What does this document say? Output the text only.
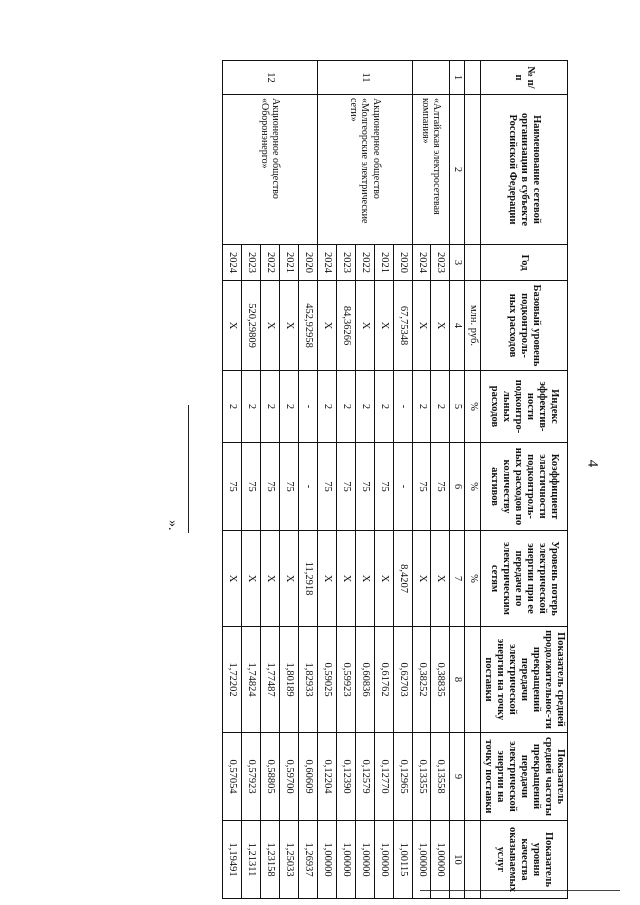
4
».
№ п/п	Наименование сетевой организации в субъекте Российской Федерации	Год	Базовый уровень подконтроль-ных расходов	Индекс эффектив-ности подконтро-льных расходов	Коэффициент эластичности подконтроль-ных расходов по количеству активов	Уровень потерь электрической энергии при ее передаче по электрическим сетям	Показатель средней продолжительнос-ти прекращений передачи электрической энергии на точку поставки	Показатель средней частоты прекращений передачи электрической энергии на точку поставки	Показатель уровня качества оказываемых услуг
			млн. руб.	%	%	%			
1	2	3	4	5	6	7	8	9	10
	«Алтайская электросетевая компания»	2023	X	2	75	X	0,38835	0,13558	1,00000
		2024	X	2	75	X	0,38252	0,13355	1,00000
11	Акционерное общество «Молгеорские электрические сети»	2020	67,75348	-	-	8,4207	0,62703	0,12965	1,00115
		2021	X	2	75	X	0,61762	0,12770	1,00000
		2022	X	2	75	X	0,60836	0,12579	1,00000
		2023	84,36266	2	75	X	0,59923	0,12390	1,00000
		2024	X	2	75	X	0,59025	0,12204	1,00000
12	Акционерное общество «Оборонэнерго»	2020	452,92958	-	-	11,2918	1,82933	0,60609	1,26937
		2021	X	2	75	X	1,80189	0,59700	1,25033
		2022	X	2	75	X	1,77487	0,58805	1,23158
		2023	520,29809	2	75	X	1,74824	0,57923	1,21311
		2024	X	2	75	X	1,72202	0,57054	1,19491
